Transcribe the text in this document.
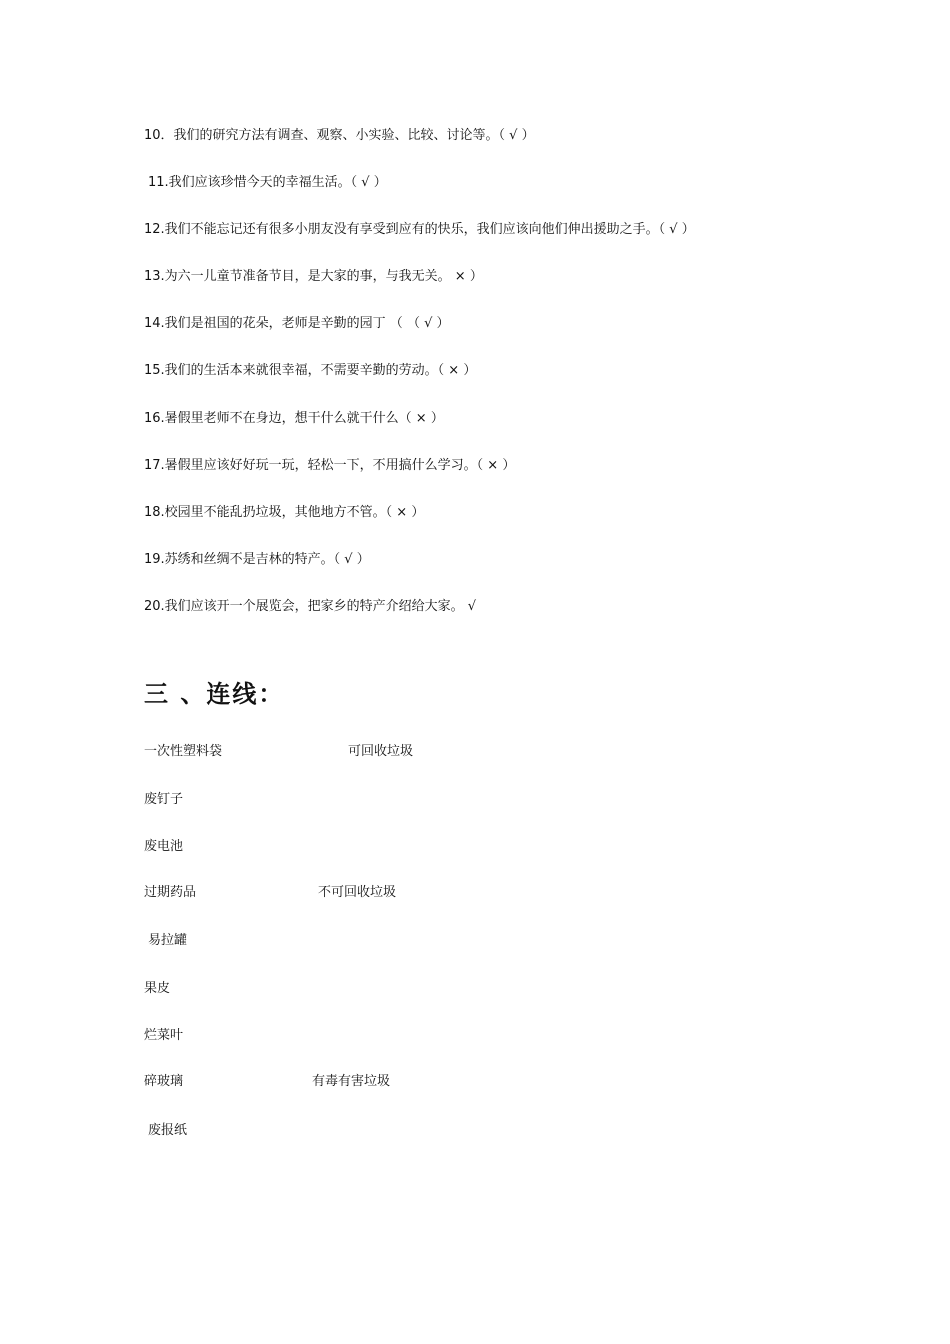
10．我们的研究方法有调查、观察、小实验、比较、讨论等。（ √ ）
11.我们应该珍惜今天的幸福生活。（ √ ）
12.我们不能忘记还有很多小朋友没有享受到应有的快乐，我们应该向他们伸出援助之手。（ √ ）
13.为六一儿童节准备节目，是大家的事，与我无关。 × ）
14.我们是祖国的花朵，老师是辛勤的园丁 （ （ √ ）
15.我们的生活本来就很幸福，不需要辛勤的劳动。（ × ）
16.暑假里老师不在身边，想干什么就干什么（ × ）
17.暑假里应该好好玩一玩，轻松一下，不用搞什么学习。（ × ）
18.校园里不能乱扔垃圾，其他地方不管。（ × ）
19.苏绣和丝绸不是吉林的特产。（ √ ）
20.我们应该开一个展览会，把家乡的特产介绍给大家。 √
三 、连线：
一次性塑料袋
废钉子
废电池
过期药品
易拉罐
果皮
烂菜叶
碎玻璃
废报纸
可回收垃圾
不可回收垃圾
有毒有害垃圾
